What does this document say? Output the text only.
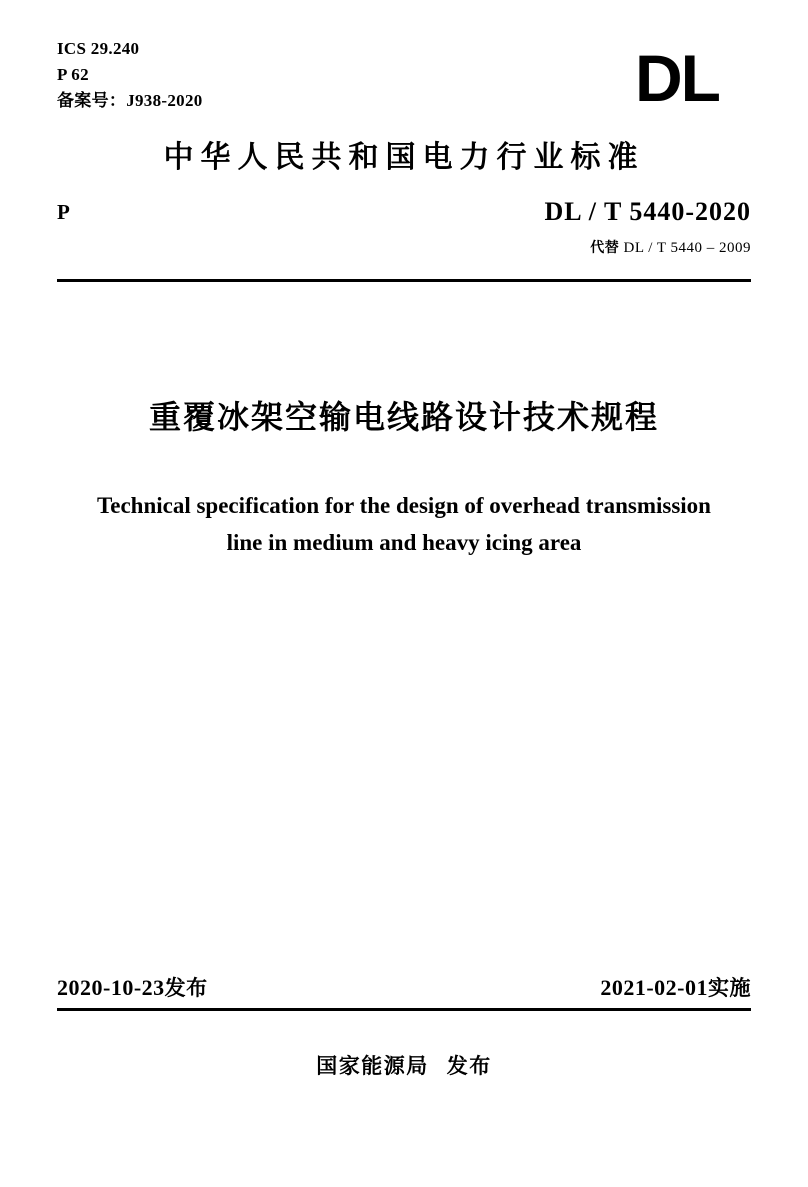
ICS 29.240
P 62
备案号：J938-2020	DL
中华人民共和国电力行业标准
P	DL / T 5440-2020
代替 DL / T 5440 – 2009
重覆冰架空输电线路设计技术规程
Technical specification for the design of overhead transmission
line in medium and heavy icing area
2020-10-23发布	2021-02-01实施
国家能源局 发布
